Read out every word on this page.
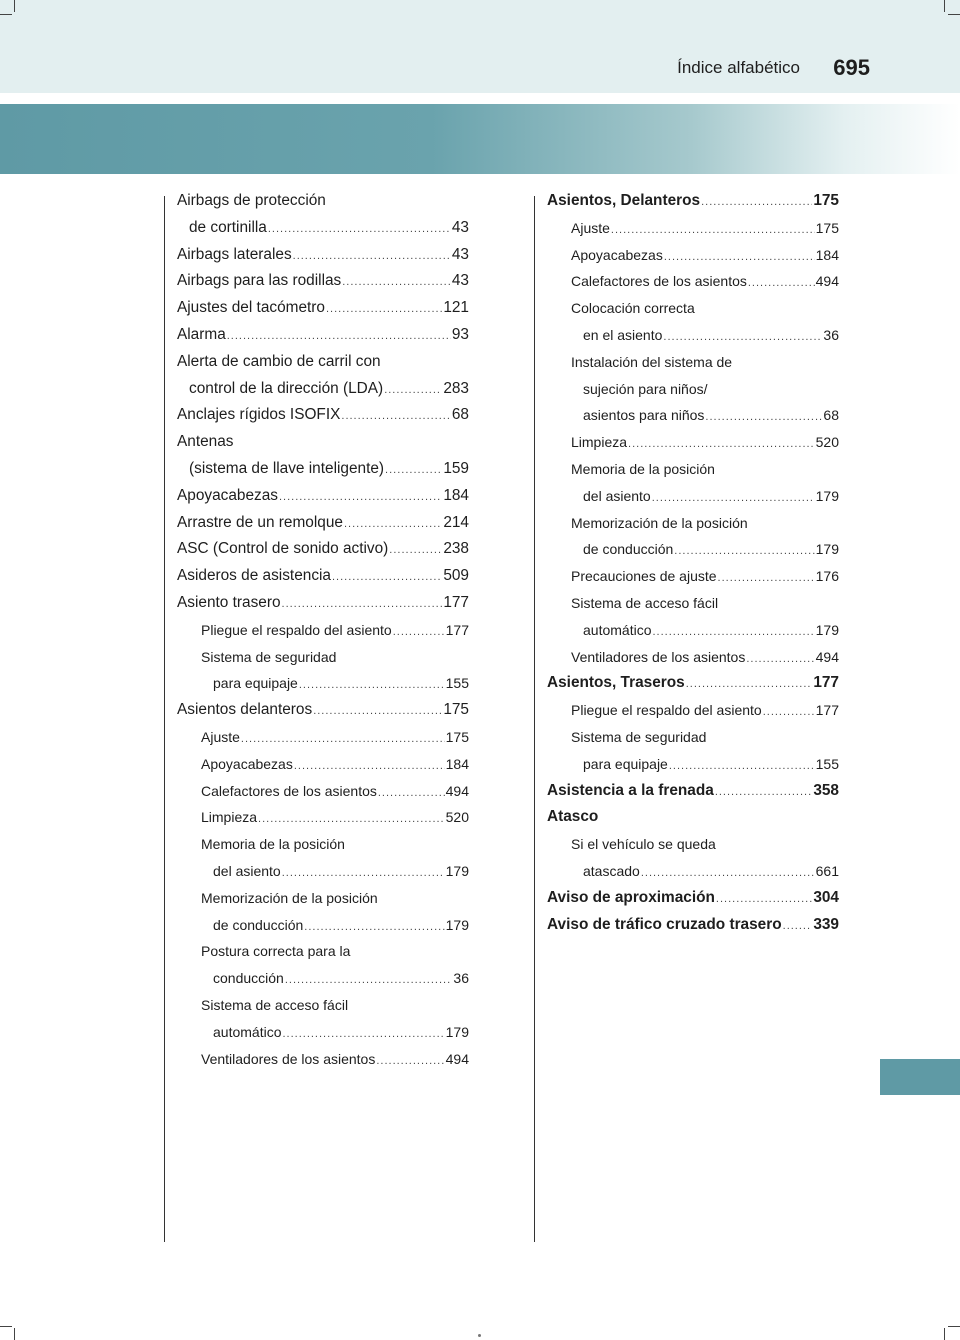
Índice alfabético	695
Airbags de protección
de cortinilla .....	43
Airbags laterales .....	43
Airbags para las rodillas .....	43
Ajustes del tacómetro .....	121
Alarma .....	93
Alerta de cambio de carril con
control de la dirección (LDA) .....	283
Anclajes rígidos ISOFIX .....	68
Antenas
(sistema de llave inteligente) .....	159
Apoyacabezas .....	184
Arrastre de un remolque .....	214
ASC (Control de sonido activo) .....	238
Asideros de asistencia .....	509
Asiento trasero .....	177
Pliegue el respaldo del asiento .....	177
Sistema de seguridad
para equipaje .....	155
Asientos delanteros .....	175
Ajuste .....	175
Apoyacabezas .....	184
Calefactores de los asientos .....	494
Limpieza .....	520
Memoria de la posición
del asiento .....	179
Memorización de la posición
de conducción .....	179
Postura correcta para la
conducción .....	36
Sistema de acceso fácil
automático .....	179
Ventiladores de los asientos .....	494
Asientos, Delanteros .....	175
Ajuste .....	175
Apoyacabezas .....	184
Calefactores de los asientos .....	494
Colocación correcta
en el asiento .....	36
Instalación del sistema de
sujeción para niños/
asientos para niños .....	68
Limpieza .....	520
Memoria de la posición
del asiento .....	179
Memorización de la posición
de conducción .....	179
Precauciones de ajuste .....	176
Sistema de acceso fácil
automático .....	179
Ventiladores de los asientos .....	494
Asientos, Traseros .....	177
Pliegue el respaldo del asiento .....	177
Sistema de seguridad
para equipaje .....	155
Asistencia a la frenada .....	358
Atasco
Si el vehículo se queda
atascado .....	661
Aviso de aproximación .....	304
Aviso de tráfico cruzado trasero ..... 339
